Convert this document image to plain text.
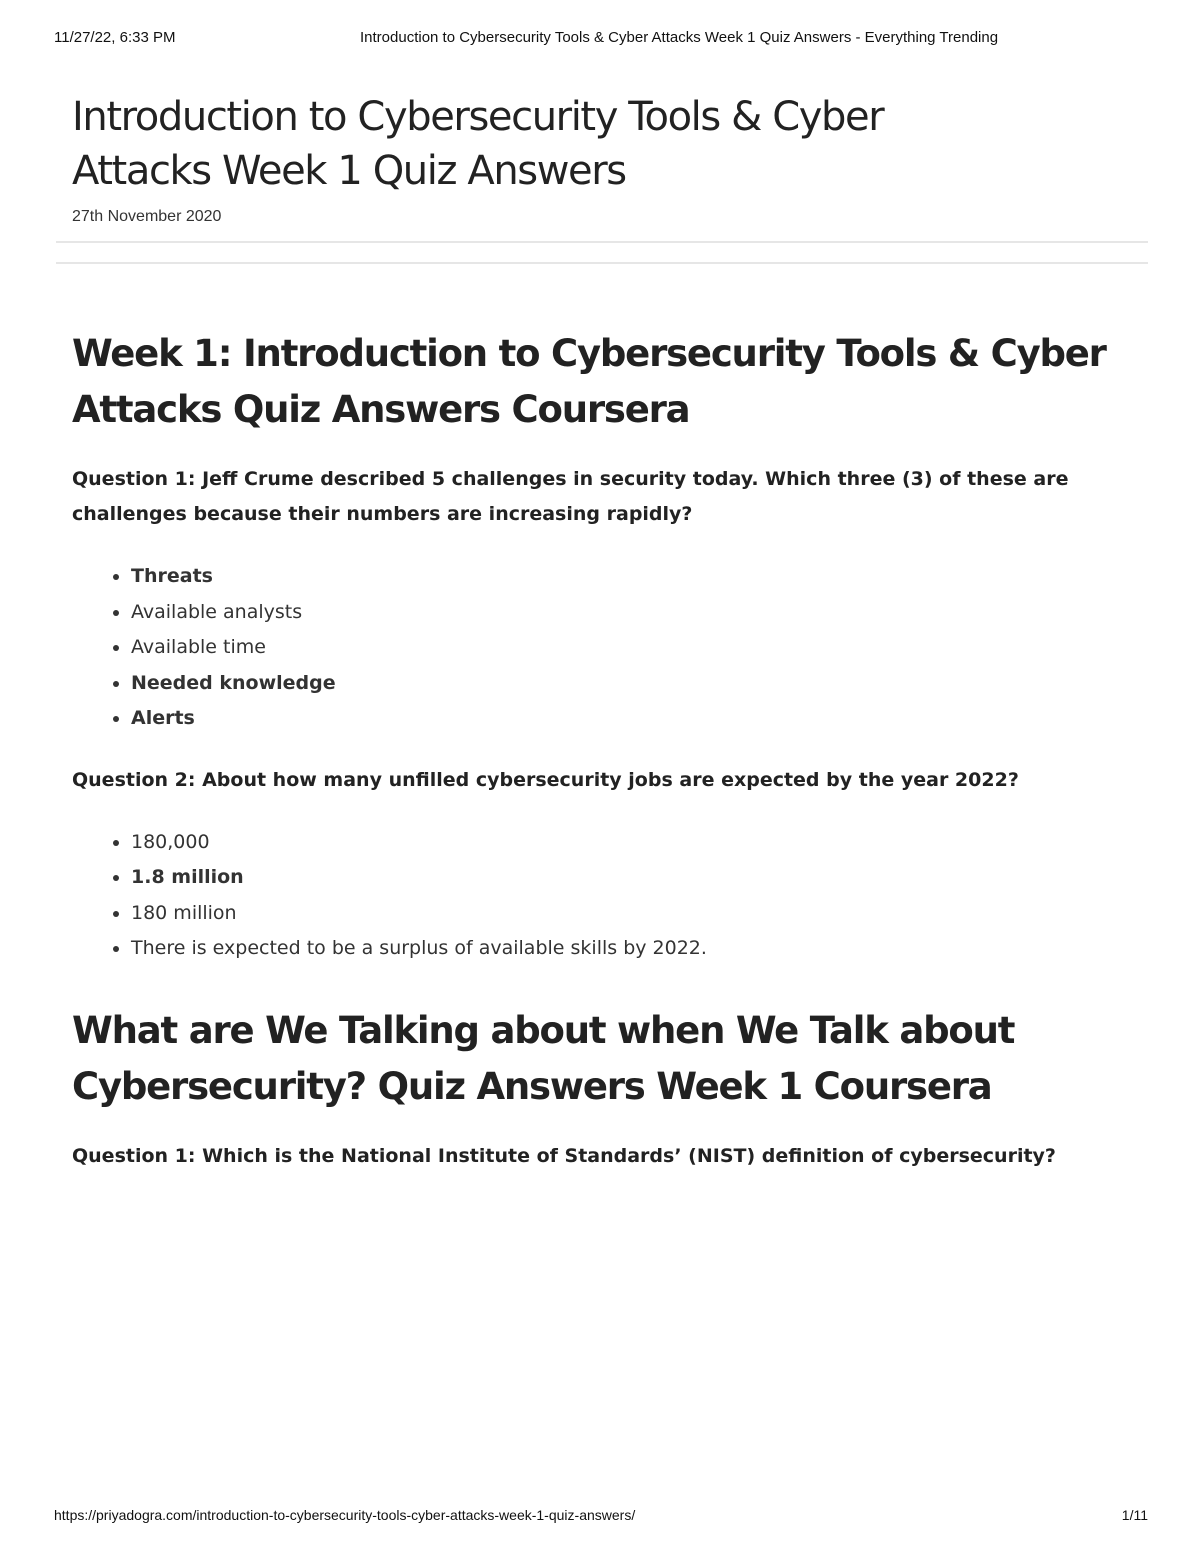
11/27/22, 6:33 PM	Introduction to Cybersecurity Tools & Cyber Attacks Week 1 Quiz Answers - Everything Trending
Introduction to Cybersecurity Tools & Cyber Attacks Week 1 Quiz Answers
27th November 2020
Week 1: Introduction to Cybersecurity Tools & Cyber Attacks Quiz Answers Coursera

Question 1: Jeff Crume described 5 challenges in security today. Which three (3) of these are challenges because their numbers are increasing rapidly?

• Threats
• Available analysts
• Available time
• Needed knowledge
• Alerts

Question 2: About how many unfilled cybersecurity jobs are expected by the year 2022?

• 180,000
• 1.8 million
• 180 million
• There is expected to be a surplus of available skills by 2022.
What are We Talking about when We Talk about Cybersecurity? Quiz Answers Week 1 Coursera

Question 1: Which is the National Institute of Standards’ (NIST) definition of cybersecurity?

https://priyadogra.com/introduction-to-cybersecurity-tools-cyber-attacks-week-1-quiz-answers/	1/11
